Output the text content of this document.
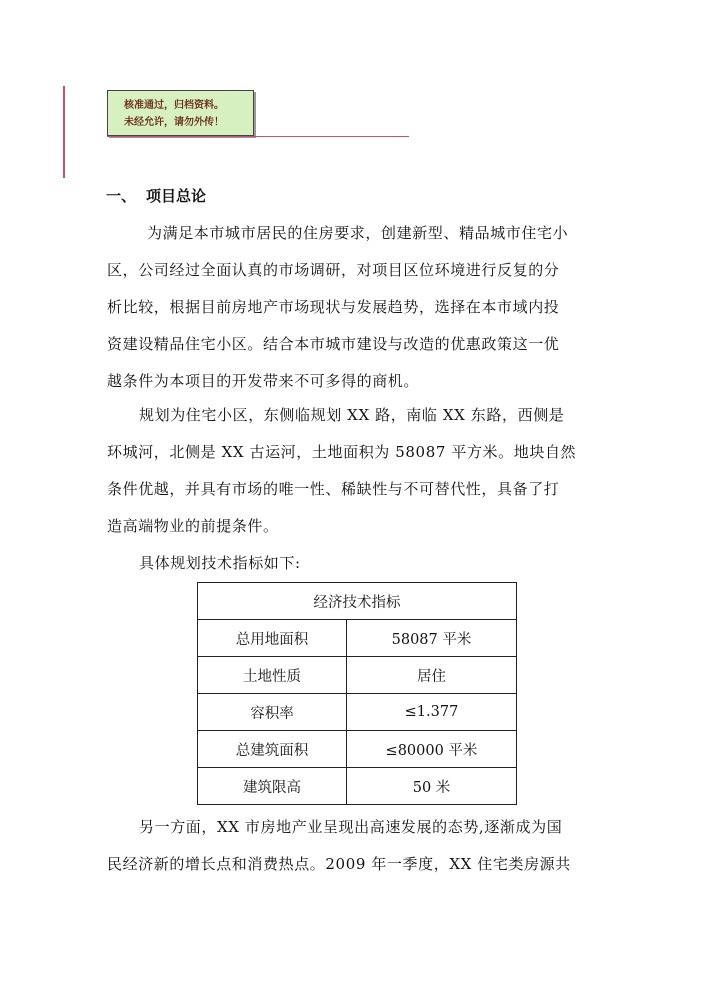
核准通过，归档资料。
未经允许，请勿外传！
一、 项目总论
为满足本市城市居民的住房要求，创建新型、精品城市住宅小
区，公司经过全面认真的市场调研，对项目区位环境进行反复的分
析比较，根据目前房地产市场现状与发展趋势，选择在本市域内投
资建设精品住宅小区。结合本市城市建设与改造的优惠政策这一优
越条件为本项目的开发带来不可多得的商机。
规划为住宅小区，东侧临规划 XX 路，南临 XX 东路，西侧是
环城河，北侧是 XX 古运河，土地面积为 58087 平方米。地块自然
条件优越，并具有市场的唯一性、稀缺性与不可替代性，具备了打
造高端物业的前提条件。
具体规划技术指标如下:
经济技术指标	
总用地面积	58087 平米
土地性质	居住
容积率	≤1.377
总建筑面积	≤80000 平米
建筑限高	50 米
另一方面，XX 市房地产业呈现出高速发展的态势,逐渐成为国
民经济新的增长点和消费热点。2009 年一季度，XX 住宅类房源共
